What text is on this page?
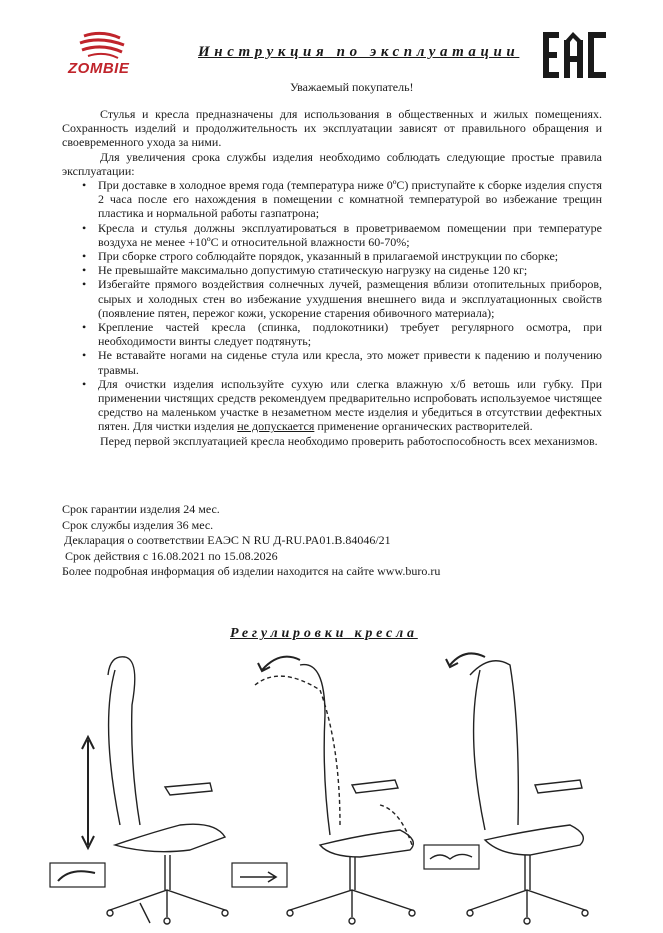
ZOMBIE
Инструкция по эксплуатации
Уважаемый покупатель!

Стулья и кресла предназначены для использования в общественных и жилых помещениях. Сохранность изделий и продолжительность их эксплуатации зависят от правильного обращения и своевременного ухода за ними.

Для увеличения срока службы изделия необходимо соблюдать следующие простые правила эксплуатации:

• При доставке в холодное время года (температура ниже 0ºС) приступайте к сборке изделия спустя 2 часа после его нахождения в помещении с комнатной температурой во избежание трещин пластика и нормальной работы газпатрона;
• Кресла и стулья должны эксплуатироваться в проветриваемом помещении при температуре воздуха не менее +10ºС и относительной влажности 60-70%;
• При сборке строго соблюдайте порядок, указанный в прилагаемой инструкции по сборке;
• Не превышайте максимально допустимую статическую нагрузку на сиденье 120 кг;
• Избегайте прямого воздействия солнечных лучей, размещения вблизи отопительных приборов, сырых и холодных стен во избежание ухудшения внешнего вида и эксплуатационных свойств (появление пятен, пережог кожи, ускорение старения обивочного материала);
• Крепление частей кресла (спинка, подлокотники) требует регулярного осмотра, при необходимости винты следует подтянуть;
• Не вставайте ногами на сиденье стула или кресла, это может привести к падению и получению травмы.
• Для очистки изделия используйте сухую или слегка влажную х/б ветошь или губку. При применении чистящих средств рекомендуем предварительно испробовать используемое чистящее средство на маленьком участке в незаметном месте изделия и убедиться в отсутствии дефектных пятен. Для чистки изделия не допускается применение органических растворителей.

Перед первой эксплуатацией кресла необходимо проверить работоспособность всех механизмов.

Срок гарантии изделия 24 мес.
Срок службы изделия 36 мес.
Декларация о соответствии ЕАЭС N RU Д-RU.PA01.B.84046/21
Срок действия с 16.08.2021 по 15.08.2026
Более подробная информация об изделии находится на сайте www.buro.ru
Регулировки кресла
